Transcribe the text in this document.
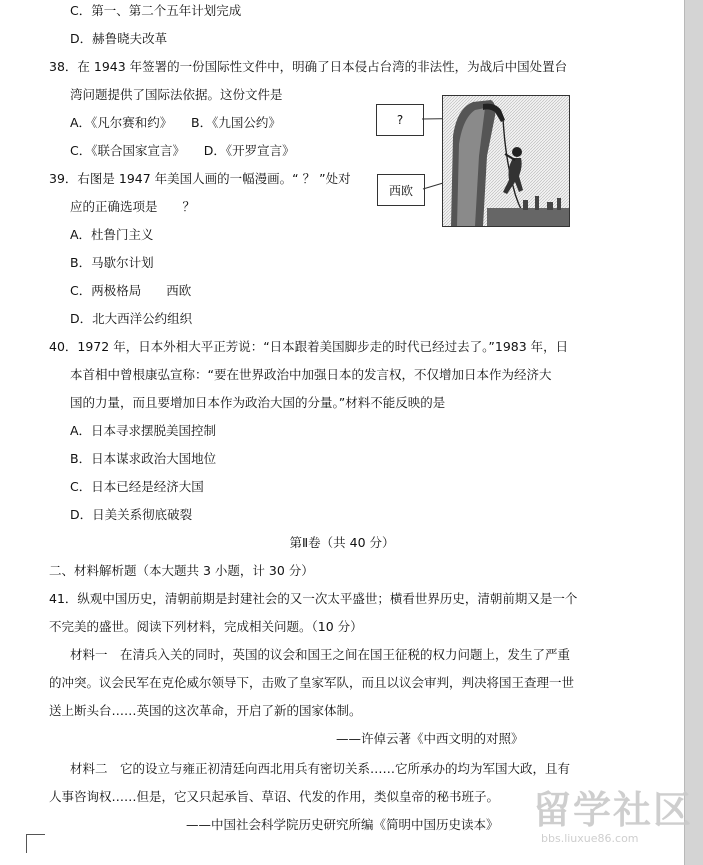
C．第一、第二个五年计划完成
D．赫鲁晓夫改革
38．在 1943 年签署的一份国际性文件中，明确了日本侵占台湾的非法性，为战后中国处置台
湾问题提供了国际法依据。这份文件是
A．《凡尔赛和约》　　B．《九国公约》
C．《联合国家宣言》　　D．《开罗宣言》
39．右图是 1947 年美国人画的一幅漫画。“ ？ ”处对
应的正确选项是　　？
A．杜鲁门主义
B．马歇尔计划
C．两极格局　　西欧
D．北大西洋公约组织
40．1972 年，日本外相大平正芳说：“日本跟着美国脚步走的时代已经过去了。”1983 年，日
本首相中曾根康弘宣称：“要在世界政治中加强日本的发言权，不仅增加日本作为经济大
国的力量，而且要增加日本作为政治大国的分量。”材料不能反映的是
A．日本寻求摆脱美国控制
B．日本谋求政治大国地位
C．日本已经是经济大国
D．日美关系彻底破裂
第Ⅱ卷（共 40 分）
二、材料解析题（本大题共 3 小题，计 30 分）
41．纵观中国历史，清朝前期是封建社会的又一次太平盛世；横看世界历史，清朝前期又是一个
不完美的盛世。阅读下列材料，完成相关问题。（10 分）
材料一　在清兵入关的同时，英国的议会和国王之间在国王征税的权力问题上，发生了严重
的冲突。议会民军在克伦威尔领导下，击败了皇家军队，而且以议会审判，判决将国王查理一世
送上断头台……英国的这次革命，开启了新的国家体制。
——许倬云著《中西文明的对照》
材料二　它的设立与雍正初清廷向西北用兵有密切关系……它所承办的均为军国大政，且有
人事咨询权……但是，它又只起承旨、草诏、代发的作用，类似皇帝的秘书班子。
——中国社会科学院历史研究所编《简明中国历史读本》
?
西欧
留学社区
bbs.liuxue86.com
